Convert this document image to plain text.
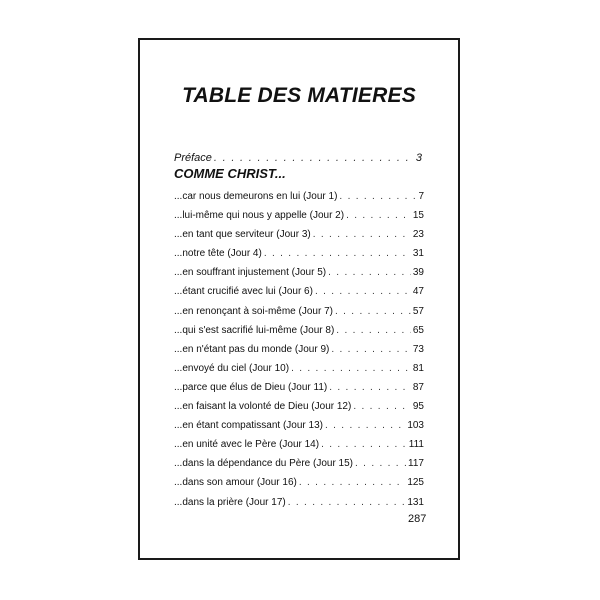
TABLE DES MATIERES
Préface . . .	3
COMME CHRIST...
...car nous demeurons en lui (Jour 1) . . .	7
...lui-même qui nous y appelle (Jour 2) . . .	15
...en tant que serviteur (Jour 3) . . .	23
...notre tête (Jour 4) . . .	31
...en souffrant injustement (Jour 5) . . .	39
...étant crucifié avec lui (Jour 6) . . .	47
...en renonçant à soi-même (Jour 7) . . .	57
...qui s'est sacrifié lui-même (Jour 8) . . .	65
...en n'étant pas du monde (Jour 9) . . .	73
...envoyé du ciel (Jour 10) . . .	81
...parce que élus de Dieu (Jour 11) . . .	87
...en faisant la volonté de Dieu (Jour 12) . . .	95
...en étant compatissant (Jour 13) . . .	103
...en unité avec le Père (Jour 14) . . .	111
...dans la dépendance du Père (Jour 15) . . .	117
...dans son amour (Jour 16) . . .	125
...dans la prière (Jour 17) . . .	131
287
